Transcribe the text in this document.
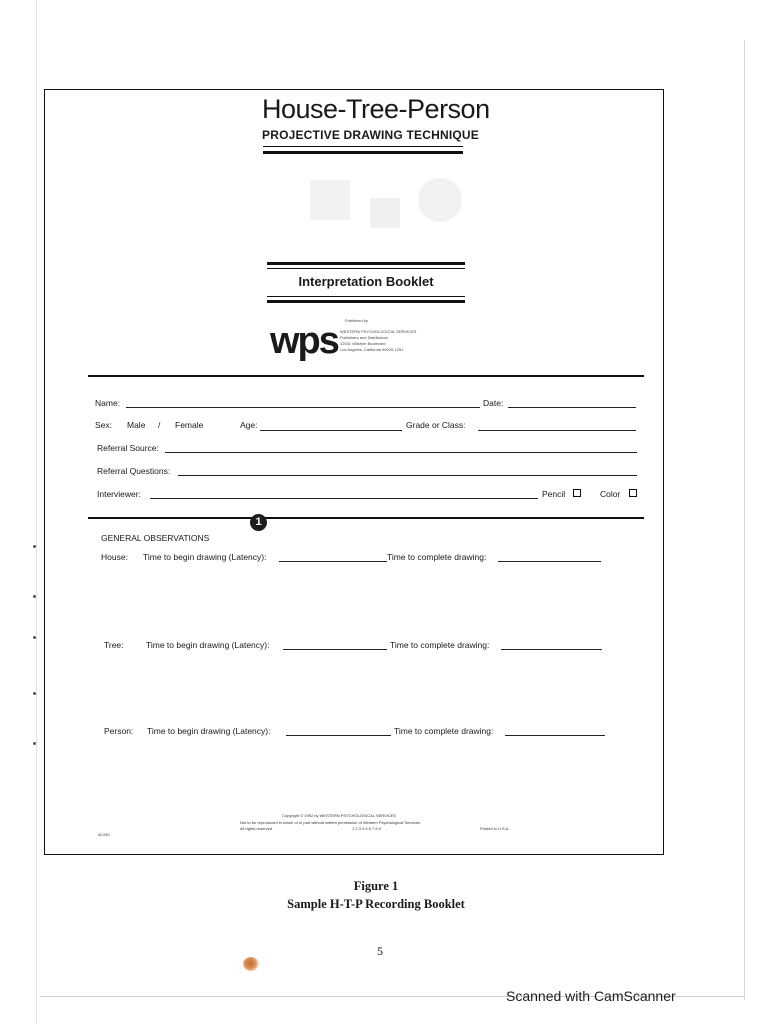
House-Tree-Person
PROJECTIVE DRAWING TECHNIQUE
Interpretation Booklet
Published by
wps WESTERN PSYCHOLOGICAL SERVICES
Publishers and Distributors
12031 Wilshire Boulevard
Los Angeles, California 90025-1251
Name:	Date:
Sex: Male / Female	Age:	Grade or Class:
Referral Source:
Referral Questions:
Interviewer:	Pencil	Color
1
GENERAL OBSERVATIONS
House: Time to begin drawing (Latency):	Time to complete drawing:
Tree:	Time to begin drawing (Latency):	Time to complete drawing:
Person: Time to begin drawing (Latency):	Time to complete drawing:
W-282
Copyright © 1992 by WESTERN PSYCHOLOGICAL SERVICES
Not to be reproduced in whole or in part without written permission of Western Psychological Services.
All rights reserved.	1 2 3 4 5 6 7 8 9	Printed in U.S.A.
Figure 1
Sample H-T-P Recording Booklet
5
Scanned with CamScanner
